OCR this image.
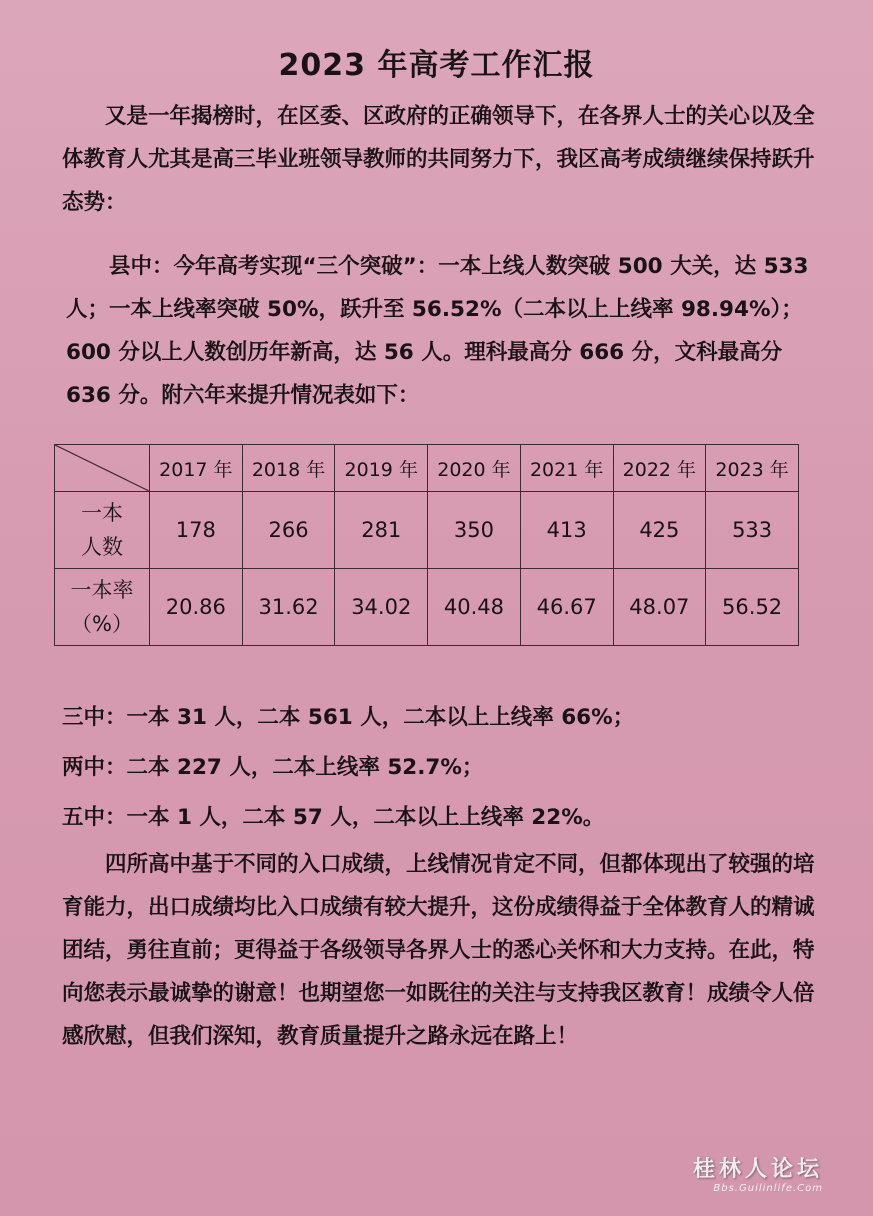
2023 年高考工作汇报
又是一年揭榜时，在区委、区政府的正确领导下，在各界人士的关心以及全体教育人尤其是高三毕业班领导教师的共同努力下，我区高考成绩继续保持跃升态势：
县中：今年高考实现“三个突破”：一本上线人数突破 500 大关，达 533 人；一本上线率突破 50%，跃升至 56.52%（二本以上上线率 98.94%）；600 分以上人数创历年新高，达 56 人。理科最高分 666 分，文科最高分 636 分。附六年来提升情况表如下：
	2017 年	2018 年	2019 年	2020 年	2021 年	2022 年	2023 年

一本
人数	178	266	281	350	413	425	533

一本率
（%）	20.86	31.62	34.02	40.48	46.67	48.07	56.52
三中：一本 31 人，二本 561 人，二本以上上线率 66%；
两中：二本 227 人，二本上线率 52.7%；
五中：一本 1 人，二本 57 人，二本以上上线率 22%。
四所高中基于不同的入口成绩，上线情况肯定不同，但都体现出了较强的培育能力，出口成绩均比入口成绩有较大提升，这份成绩得益于全体教育人的精诚团结，勇往直前；更得益于各级领导各界人士的悉心关怀和大力支持。在此，特向您表示最诚挚的谢意！也期望您一如既往的关注与支持我区教育！成绩令人倍感欣慰，但我们深知，教育质量提升之路永远在路上！
桂林人论坛
Bbs.Guilinlife.Com
